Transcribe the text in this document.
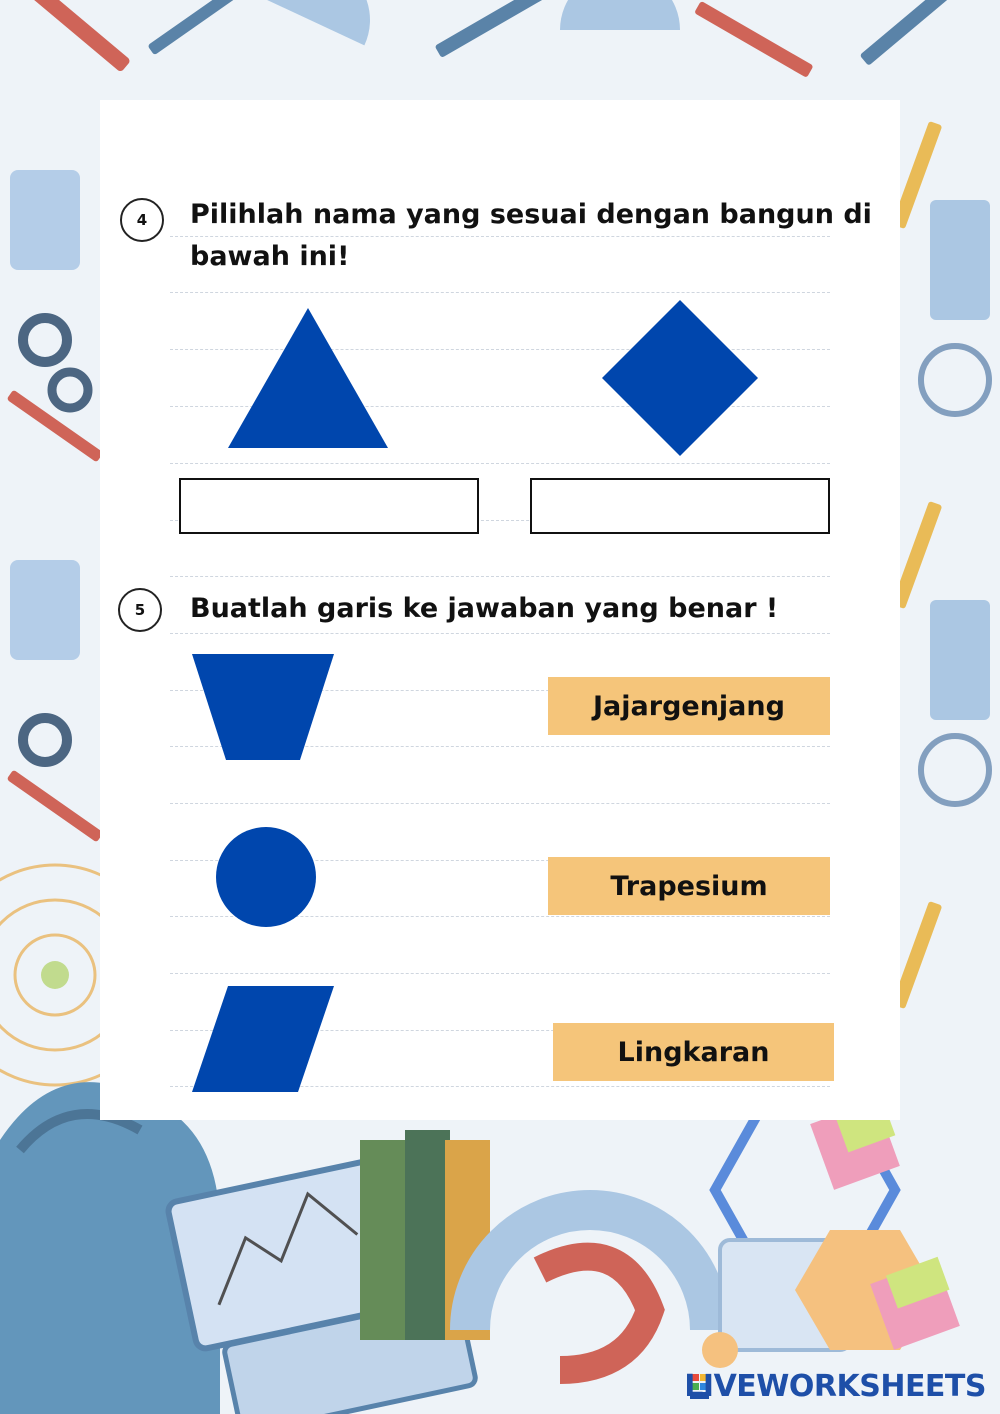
4	Pilihlah nama yang sesuai dengan bangun di
bawah ini!
5	Buatlah garis ke jawaban yang benar !
Jajargenjang
Trapesium
Lingkaran
LIVEWORKSHEETS
